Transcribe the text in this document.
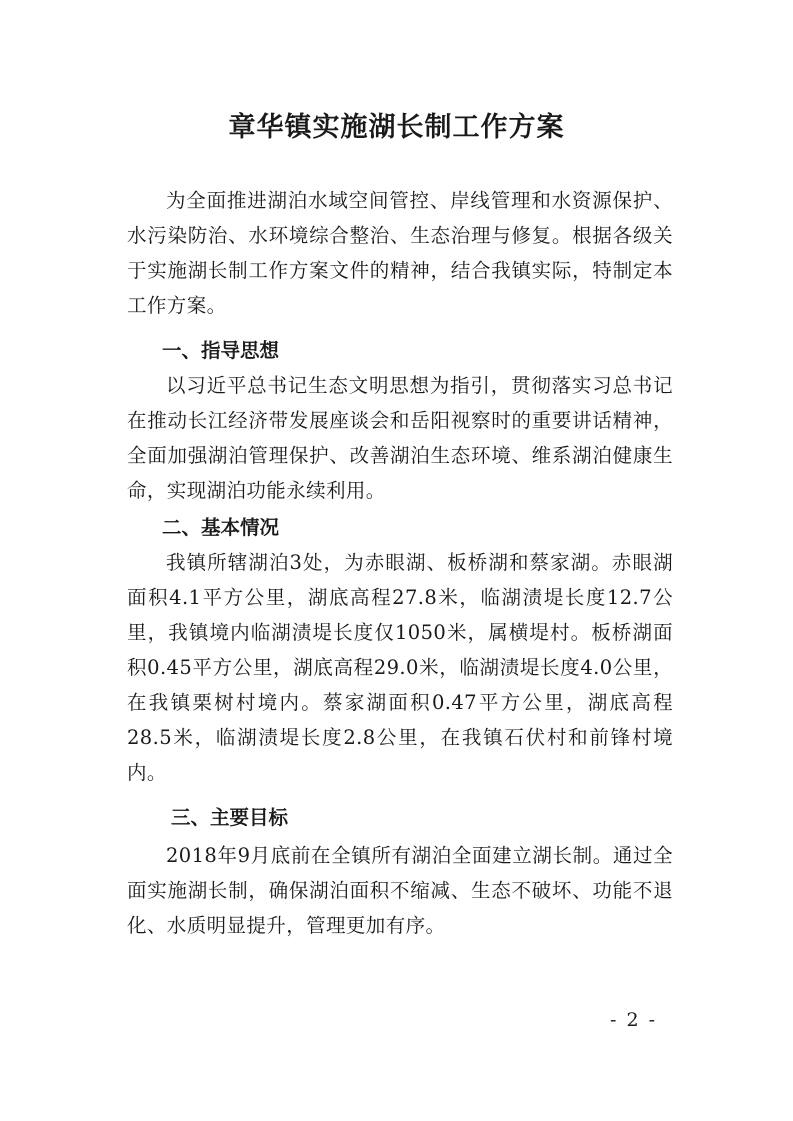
章华镇实施湖长制工作方案
为全面推进湖泊水域空间管控、岸线管理和水资源保护、水污染防治、水环境综合整治、生态治理与修复。根据各级关于实施湖长制工作方案文件的精神，结合我镇实际，特制定本工作方案。
一、指导思想
以习近平总书记生态文明思想为指引，贯彻落实习总书记在推动长江经济带发展座谈会和岳阳视察时的重要讲话精神，全面加强湖泊管理保护、改善湖泊生态环境、维系湖泊健康生命，实现湖泊功能永续利用。
二、基本情况
我镇所辖湖泊3处，为赤眼湖、板桥湖和蔡家湖。赤眼湖面积4.1平方公里，湖底高程27.8米，临湖渍堤长度12.7公里，我镇境内临湖渍堤长度仅1050米，属横堤村。板桥湖面积0.45平方公里，湖底高程29.0米，临湖渍堤长度4.0公里，在我镇栗树村境内。蔡家湖面积0.47平方公里，湖底高程28.5米，临湖渍堤长度2.8公里，在我镇石伏村和前锋村境内。
三、主要目标
2018年9月底前在全镇所有湖泊全面建立湖长制。通过全面实施湖长制，确保湖泊面积不缩减、生态不破坏、功能不退化、水质明显提升，管理更加有序。
- 2 -
